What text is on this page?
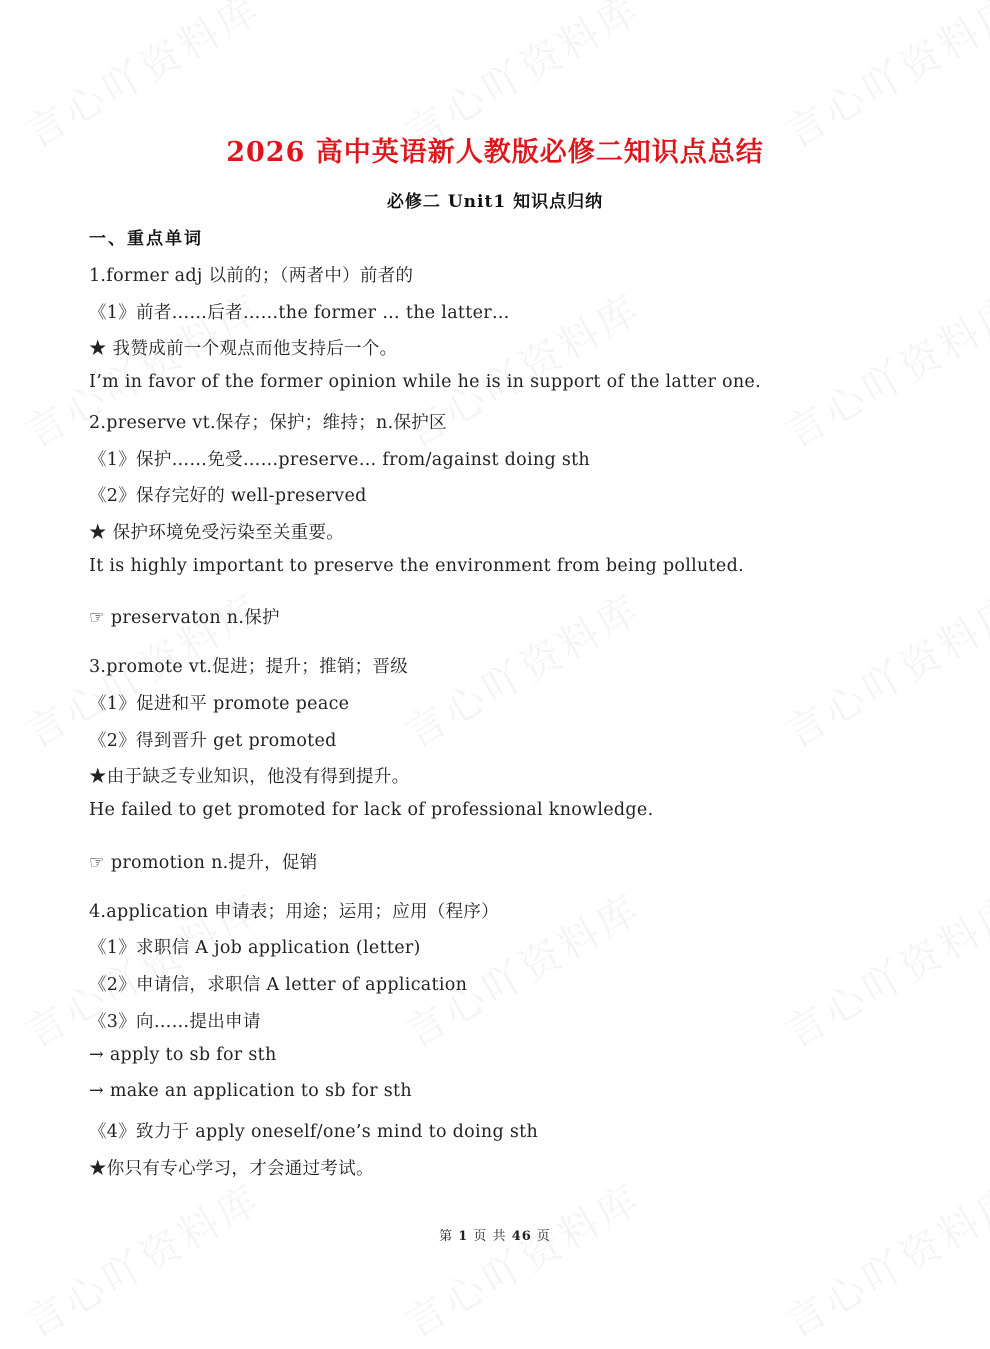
2026 高中英语新人教版必修二知识点总结
必修二 Unit1 知识点归纳
一、重点单词
1.former adj 以前的；（两者中）前者的
《1》前者……后者……the former … the latter…
★ 我赞成前一个观点而他支持后一个。
I’m in favor of the former opinion while he is in support of the latter one.
2.preserve vt.保存；保护；维持；n.保护区
《1》保护……免受……preserve… from/against doing sth
《2》保存完好的 well-preserved
★ 保护环境免受污染至关重要。
It is highly important to preserve the environment from being polluted.
☞ preservaton n.保护
3.promote vt.促进；提升；推销；晋级
《1》促进和平 promote peace
《2》得到晋升 get promoted
★由于缺乏专业知识，他没有得到提升。
He failed to get promoted for lack of professional knowledge.
☞ promotion n.提升，促销
4.application 申请表；用途；运用；应用（程序）
《1》求职信 A job application (letter)
《2》申请信，求职信 A letter of application
《3》向……提出申请
→ apply to sb for sth
→ make an application to sb for sth
《4》致力于 apply oneself/one’s mind to doing sth
★你只有专心学习，才会通过考试。
第 1 页 共 46 页
